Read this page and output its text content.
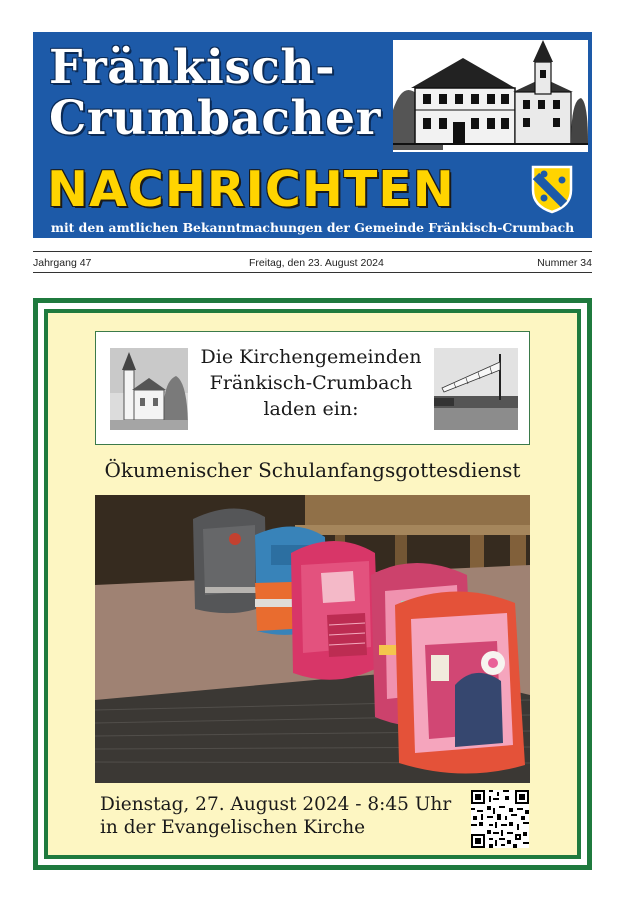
Fränkisch-
Crumbacher
NACHRICHTEN
mit den amtlichen Bekanntmachungen der Gemeinde Fränkisch-Crumbach
Jahrgang 47	Freitag, den 23. August 2024	Nummer 34
Die Kirchengemeinden
Fränkisch-Crumbach
laden ein:
Ökumenischer Schulanfangsgottesdienst
Dienstag, 27. August 2024 - 8:45 Uhr
in der Evangelischen Kirche
